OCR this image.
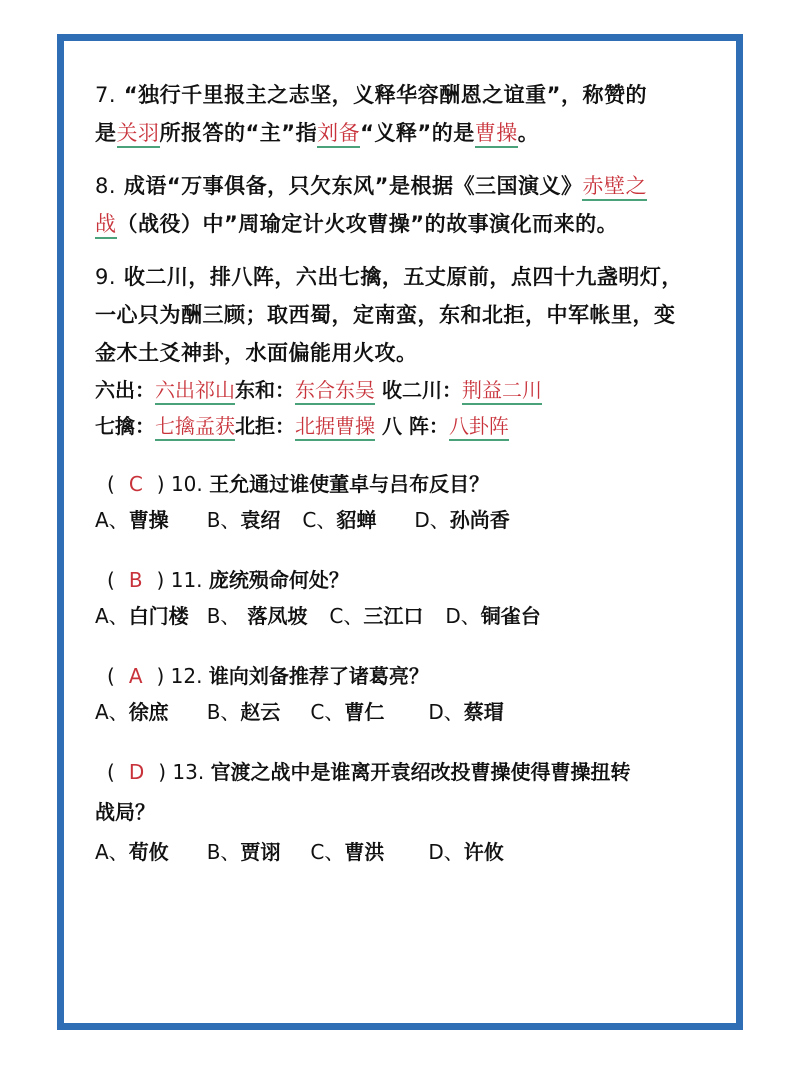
7. “独行千里报主之志坚，义释华容酬恩之谊重”，称赞的
是关羽所报答的“主”指刘备“义释”的是曹操。
8. 成语“万事俱备，只欠东风”是根据《三国演义》赤壁之
战（战役）中”周瑜定计火攻曹操”的故事演化而来的。
9. 收二川，排八阵，六出七擒，五丈原前，点四十九盏明灯，
一心只为酬三顾；取西蜀，定南蛮，东和北拒，中军帐里，变
金木土爻神卦，水面偏能用火攻。
六出：六出祁山东和：东合东吴 收二川：荆益二川
七擒：七擒孟获北拒：北据曹操 八 阵：八卦阵
( C ) 10. 王允通过谁使董卓与吕布反目？
A、曹操 B、袁绍 C、貂蝉 D、孙尚香
( B ) 11. 庞统殒命何处？
A、白门楼 B、 落凤坡 C、三江口 D、铜雀台
( A ) 12. 谁向刘备推荐了诸葛亮？
A、徐庶 B、赵云 C、曹仁 D、蔡瑁
( D ) 13. 官渡之战中是谁离开袁绍改投曹操使得曹操扭转
战局？
A、荀攸 B、贾诩 C、曹洪 D、许攸
